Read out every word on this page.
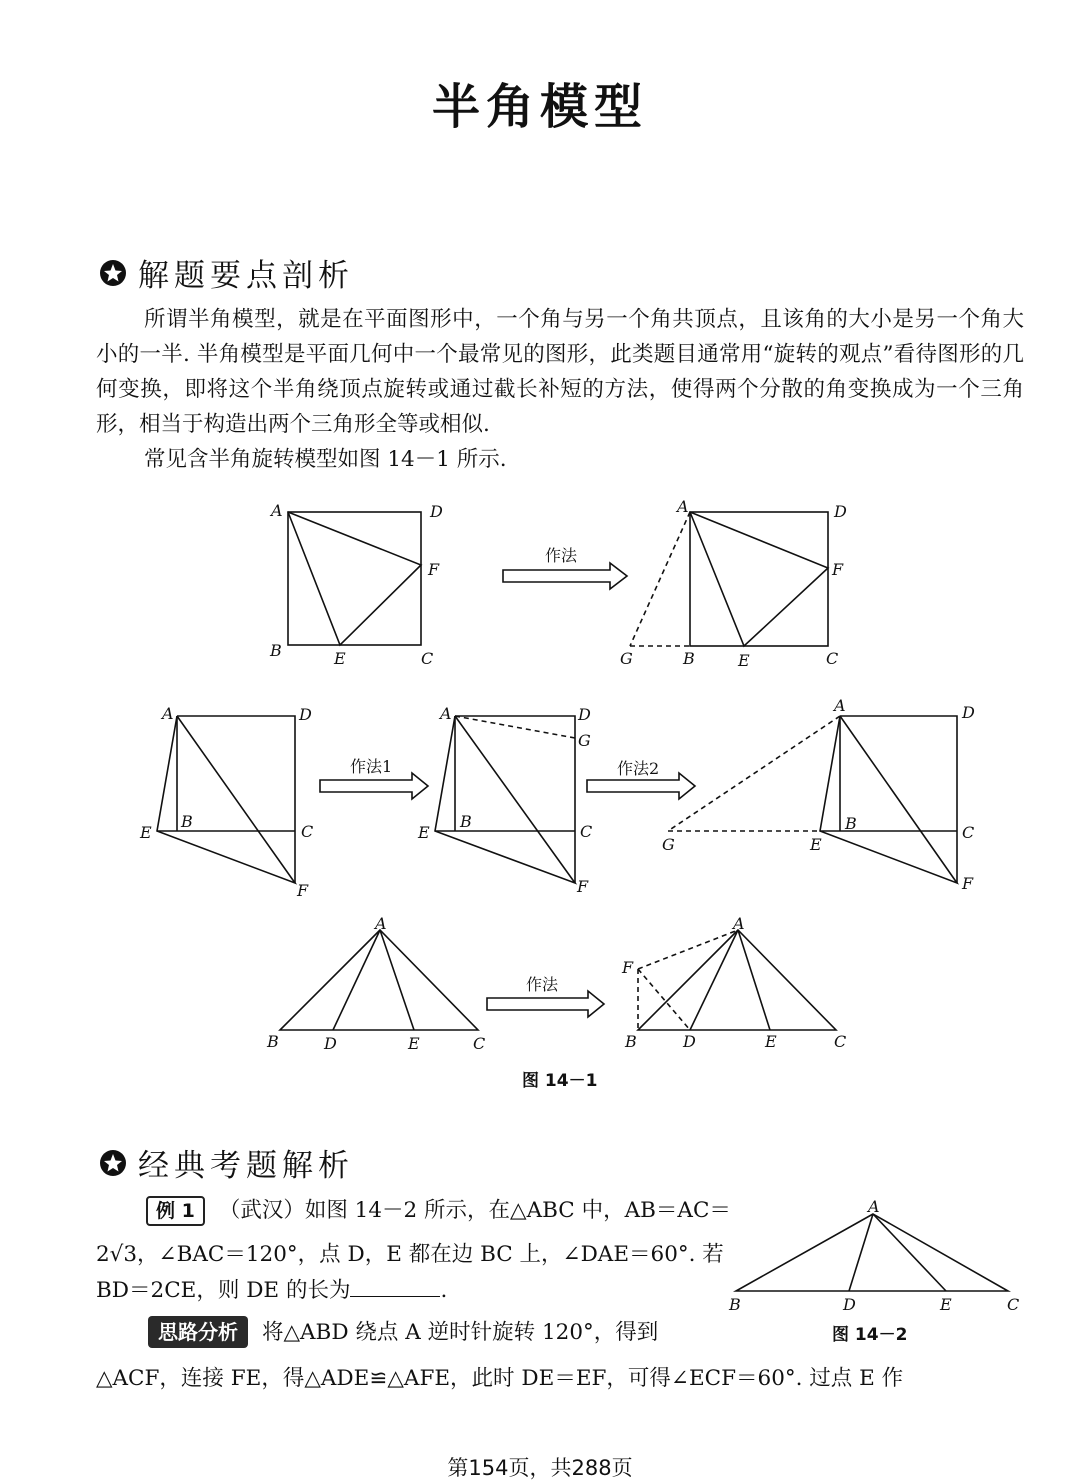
半角模型
解题要点剖析

所谓半角模型，就是在平面图形中，一个角与另一个角共顶点，且该角的大小是另一个角大小的一半. 半角模型是平面几何中一个最常见的图形，此类题目通常用“旋转的观点”看待图形的几何变换，即将这个半角绕顶点旋转或通过截长补短的方法，使得两个分散的角变换成为一个三角形，相当于构造出两个三角形全等或相似.

常见含半角旋转模型如图 14－1 所示.

A	D
F
B	E	C
作法
A	D
F
G	B	E	C
A	D
B
C
E
F
作法1
A	D
G
B
C
E
F
作法2
A	D
B	C
G	E
F
A
B	D	E	C
作法
A
F
B	D	E	C
图 14－1
经典考题解析
例 1 （武汉）如图 14－2 所示，在△ABC 中，AB＝AC＝
2√3，∠BAC＝120°，点 D，E 都在边 BC 上，∠DAE＝60°. 若
BD＝2CE，则 DE 的长为	.
思路分析 将△ABD 绕点 A 逆时针旋转 120°，得到
△ACF，连接 FE，得△ADE≌△AFE，此时 DE＝EF，可得∠ECF＝60°. 过点 E 作
A
B	D	E	C
图 14－2
第154页，共288页
